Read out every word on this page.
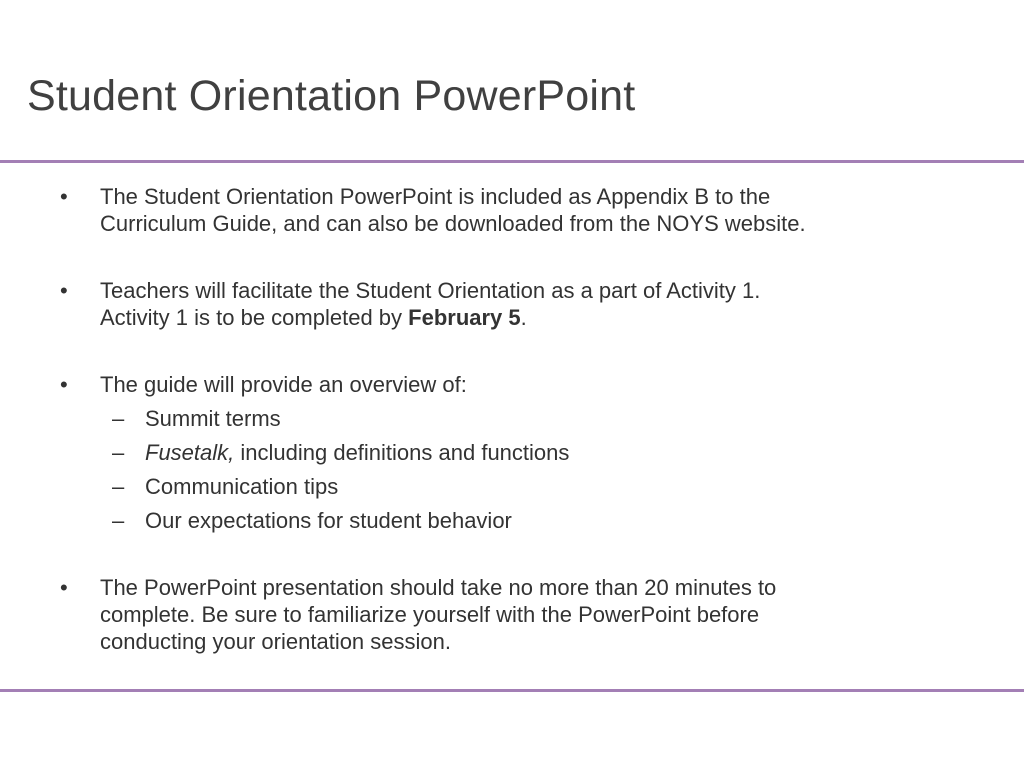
Student Orientation PowerPoint
•	The Student Orientation PowerPoint is included as Appendix B to the
Curriculum Guide, and can also be downloaded from the NOYS website.
•	Teachers will facilitate the Student Orientation as a part of Activity 1.
Activity 1 is to be completed by February 5.
•	The guide will provide an overview of:
– Summit terms
– Fusetalk, including definitions and functions
– Communication tips
– Our expectations for student behavior
•	The PowerPoint presentation should take no more than 20 minutes to
complete. Be sure to familiarize yourself with the PowerPoint before
conducting your orientation session.
